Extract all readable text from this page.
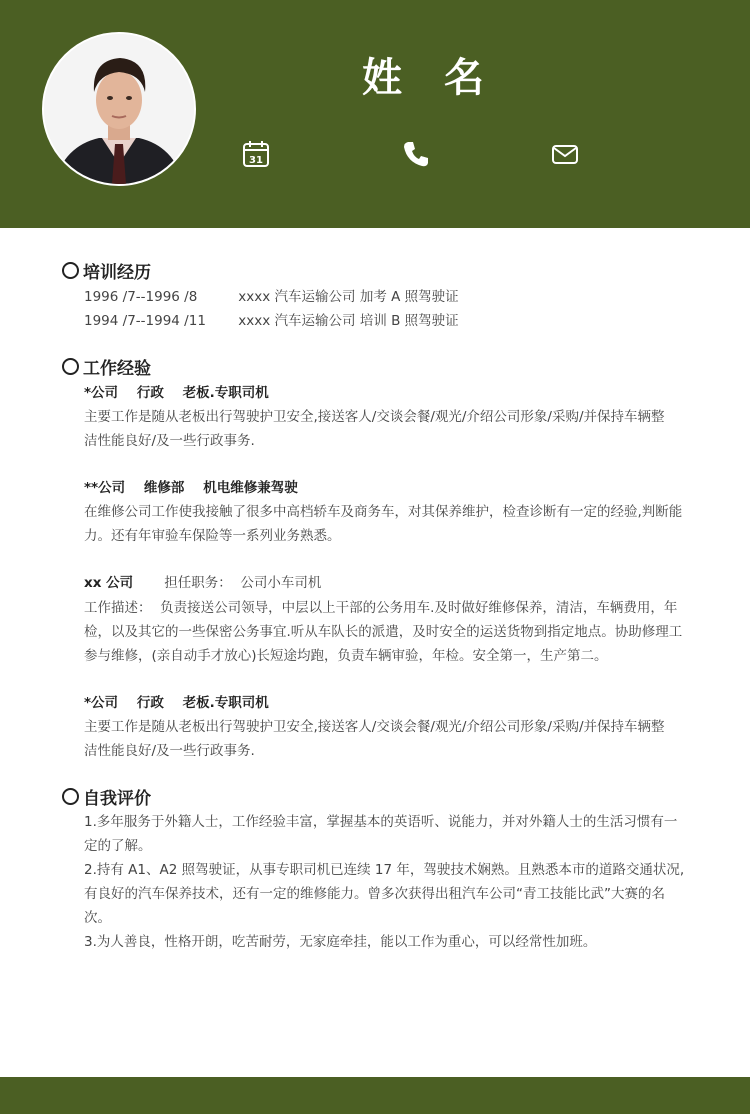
姓 名
31
培训经历
1996 /7--1996 /8	xxxx 汽车运输公司 加考 A 照驾驶证
1994 /7--1994 /11 xxxx 汽车运输公司 培训 B 照驾驶证
工作经验
*公司    行政    老板.专职司机
主要工作是随从老板出行驾驶护卫安全,接送客人/交谈会餐/观光/介绍公司形象/采购/并保持车辆整
洁性能良好/及一些行政事务.
**公司    维修部    机电维修兼驾驶
在维修公司工作使我接触了很多中高档轿车及商务车，对其保养维护，检查诊断有一定的经验,判断能
力。还有年审验车保险等一系列业务熟悉。
xx 公司 担任职务：  公司小车司机
工作描述：  负责接送公司领导，中层以上干部的公务用车.及时做好维修保养，清洁，车辆费用，年
检，以及其它的一些保密公务事宜.听从车队长的派遣，及时安全的运送货物到指定地点。协助修理工
参与维修，(亲自动手才放心)长短途均跑，负责车辆审验，年检。安全第一，生产第二。
*公司    行政    老板.专职司机
主要工作是随从老板出行驾驶护卫安全,接送客人/交谈会餐/观光/介绍公司形象/采购/并保持车辆整
洁性能良好/及一些行政事务.
自我评价
1.多年服务于外籍人士，工作经验丰富，掌握基本的英语听、说能力，并对外籍人士的生活习惯有一
定的了解。
2.持有 A1、A2 照驾驶证，从事专职司机已连续 17 年，驾驶技术娴熟。且熟悉本市的道路交通状况,
有良好的汽车保养技术，还有一定的维修能力。曾多次获得出租汽车公司“青工技能比武”大赛的名
次。
3.为人善良，性格开朗，吃苦耐劳，无家庭牵挂，能以工作为重心，可以经常性加班。
